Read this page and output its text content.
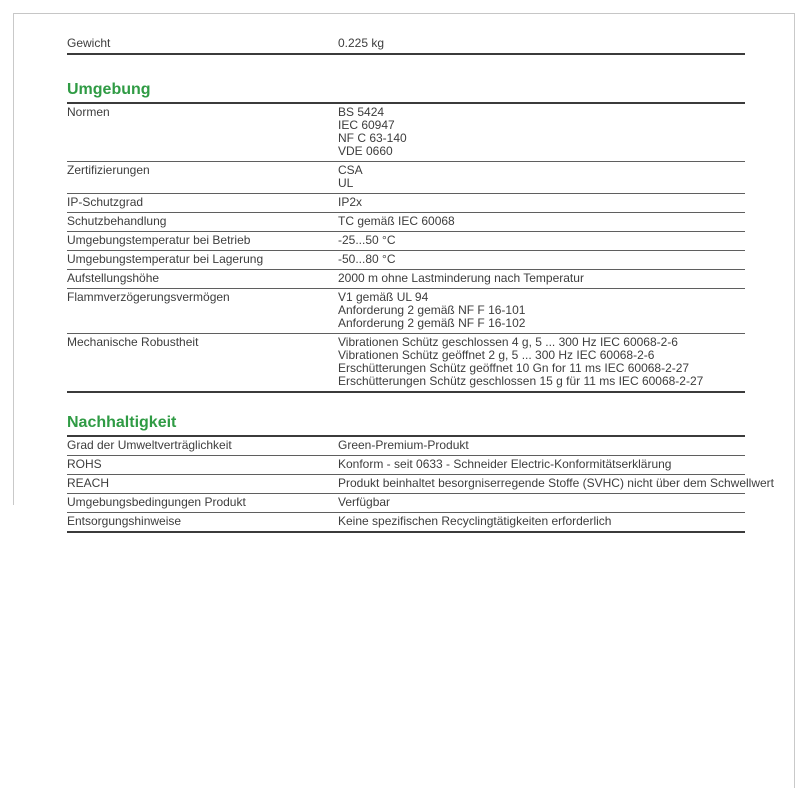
Gewicht	0.225 kg
Umgebung
Normen	BS 5424
IEC 60947
NF C 63-140
VDE 0660
Zertifizierungen	CSA
UL
IP-Schutzgrad	IP2x
Schutzbehandlung	TC gemäß IEC 60068
Umgebungstemperatur bei Betrieb	-25...50 °C
Umgebungstemperatur bei Lagerung	-50...80 °C
Aufstellungshöhe	2000 m ohne Lastminderung nach Temperatur
Flammverzögerungsvermögen	V1 gemäß UL 94
Anforderung 2 gemäß NF F 16-101
Anforderung 2 gemäß NF F 16-102
Mechanische Robustheit	Vibrationen Schütz geschlossen 4 g, 5 ... 300 Hz IEC 60068-2-6
Vibrationen Schütz geöffnet 2 g, 5 ... 300 Hz IEC 60068-2-6
Erschütterungen Schütz geöffnet 10 Gn for 11 ms IEC 60068-2-27
Erschütterungen Schütz geschlossen 15 g für 11 ms IEC 60068-2-27
Nachhaltigkeit
Grad der Umweltverträglichkeit	Green-Premium-Produkt
ROHS	Konform - seit 0633 - Schneider Electric-Konformitätserklärung
REACH	Produkt beinhaltet besorgniserregende Stoffe (SVHC) nicht über dem Schwellwert
Umgebungsbedingungen Produkt	Verfügbar
Entsorgungshinweise	Keine spezifischen Recyclingtätigkeiten erforderlich
